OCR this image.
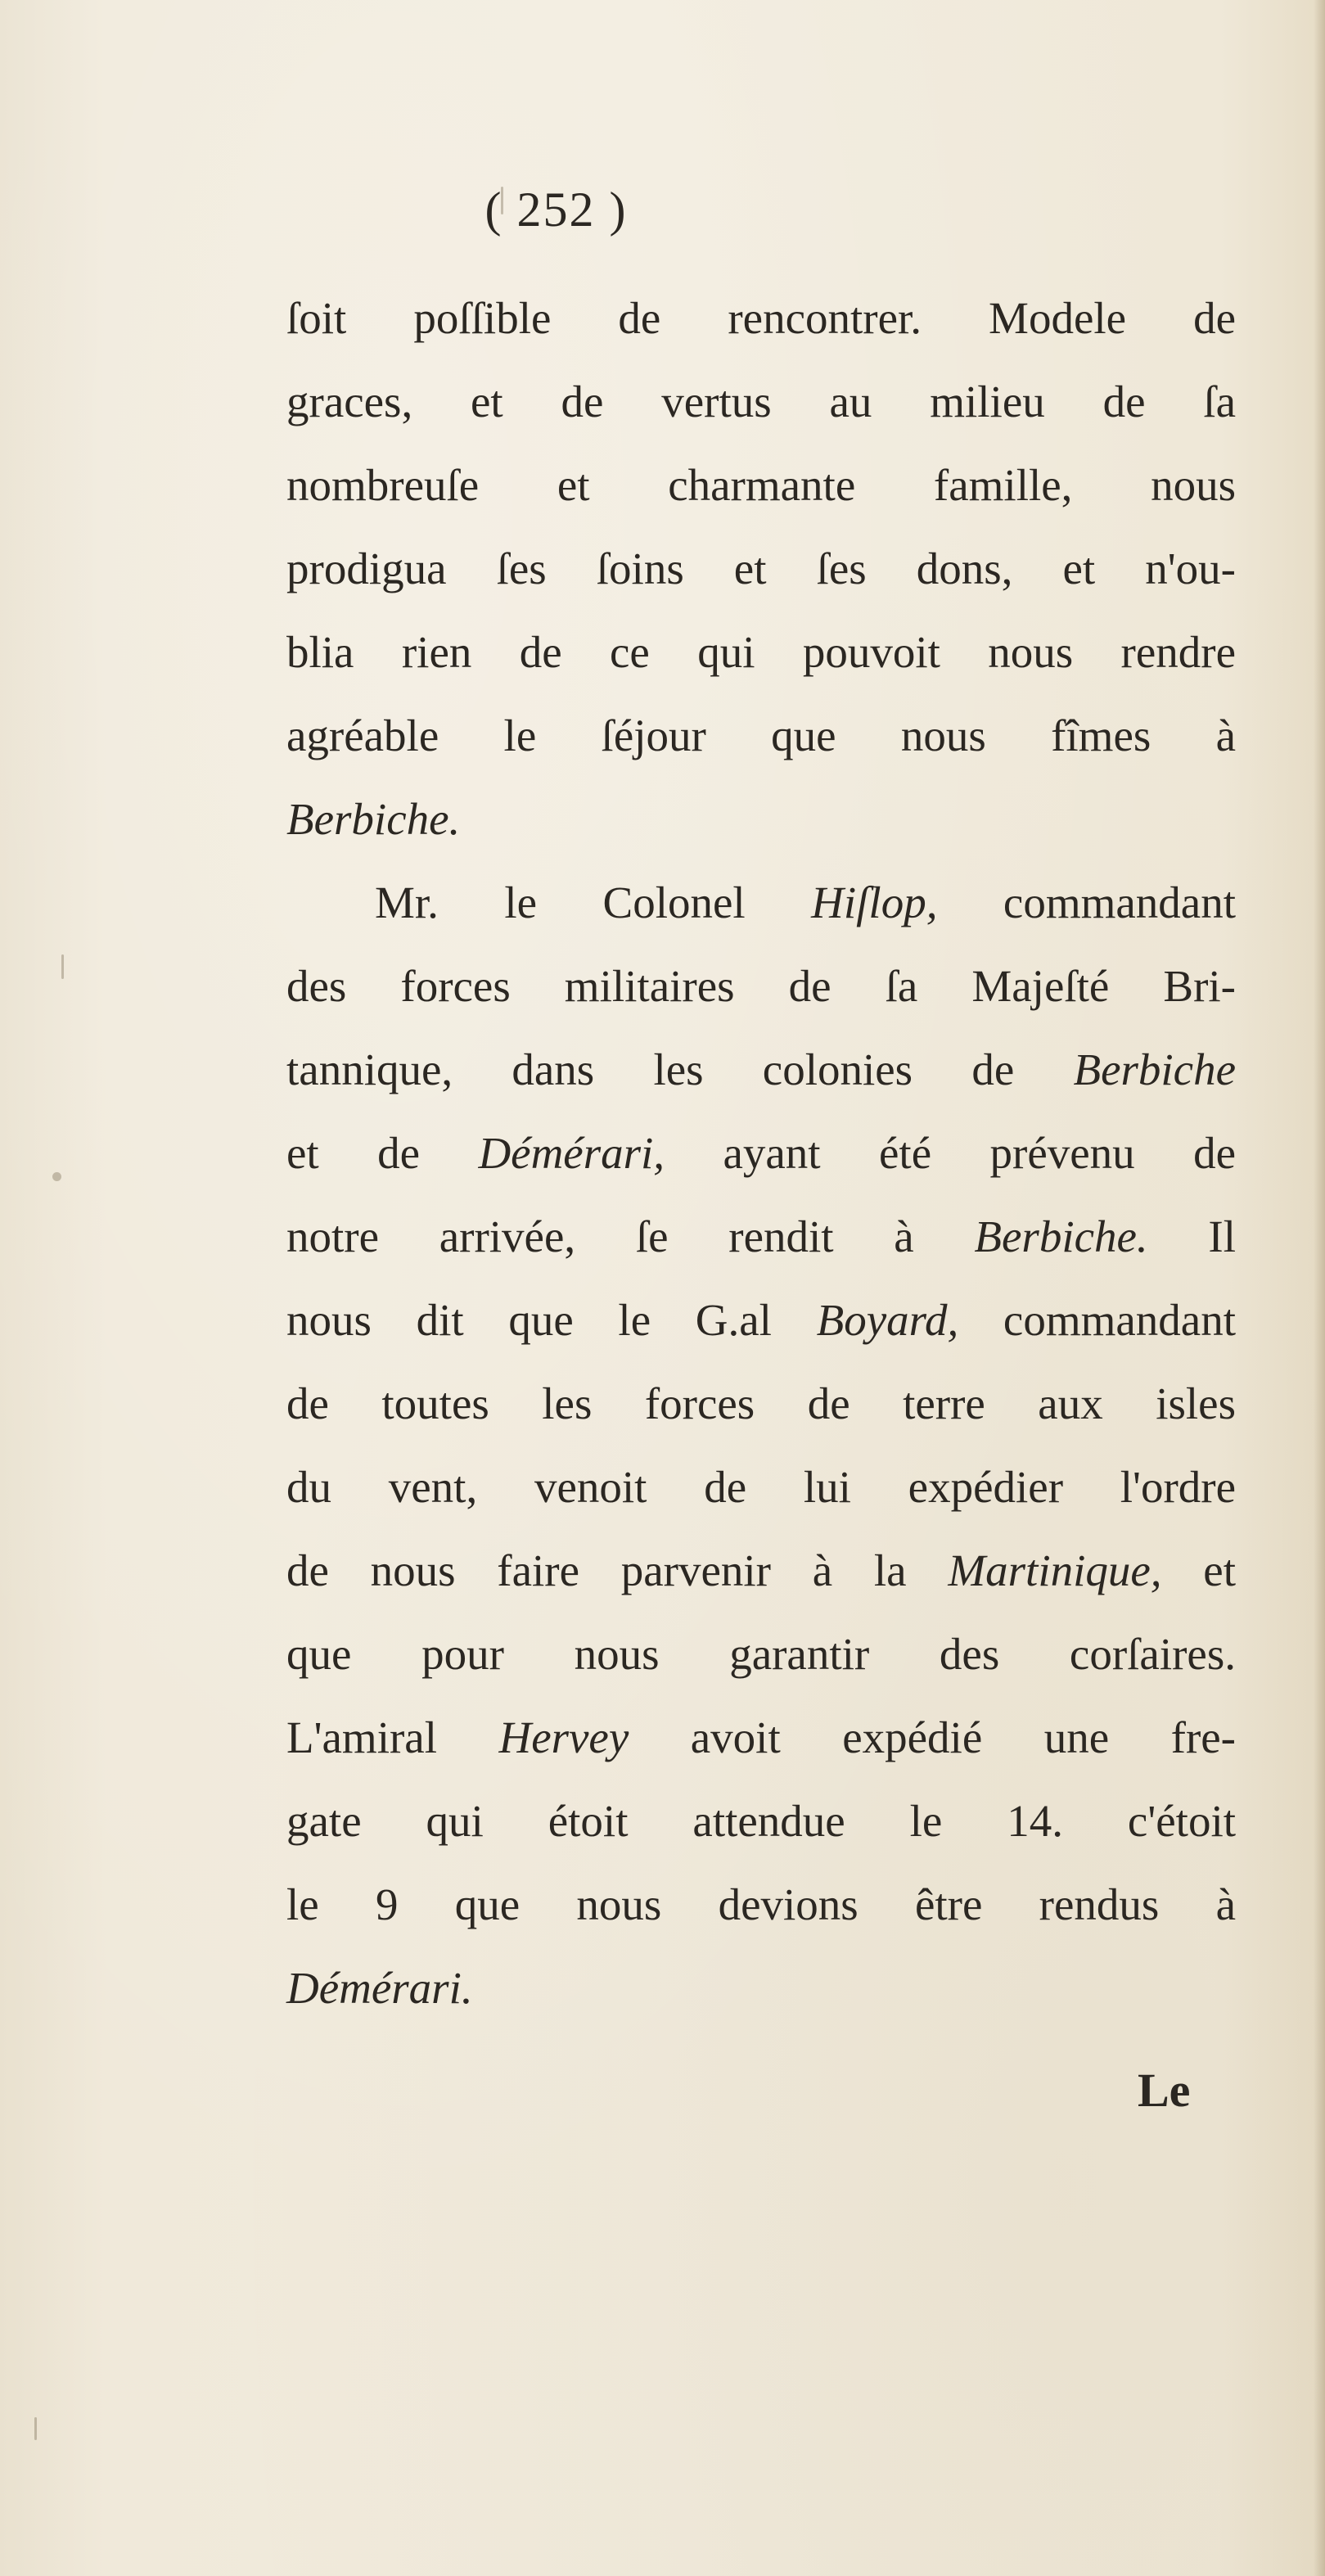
( 252 )
ſoit poſſible de rencontrer. Modele de
graces, et de vertus au milieu de ſa
nombreuſe et charmante famille, nous
prodigua ſes ſoins et ſes dons, et n'ou-
blia rien de ce qui pouvoit nous rendre
agréable le ſéjour que nous fîmes à
Berbiche.
Mr. le Colonel Hiſlop, commandant
des forces militaires de ſa Majeſté Bri-
tannique, dans les colonies de Berbiche
et de Démérari, ayant été prévenu de
notre arrivée, ſe rendit à Berbiche. Il
nous dit que le G.al Boyard, commandant
de toutes les forces de terre aux isles
du vent, venoit de lui expédier l'ordre
de nous faire parvenir à la Martinique, et
que pour nous garantir des corſaires.
L'amiral Hervey avoit expédié une fre-
gate qui étoit attendue le 14. c'étoit
le 9 que nous devions être rendus à
Démérari.
Le
